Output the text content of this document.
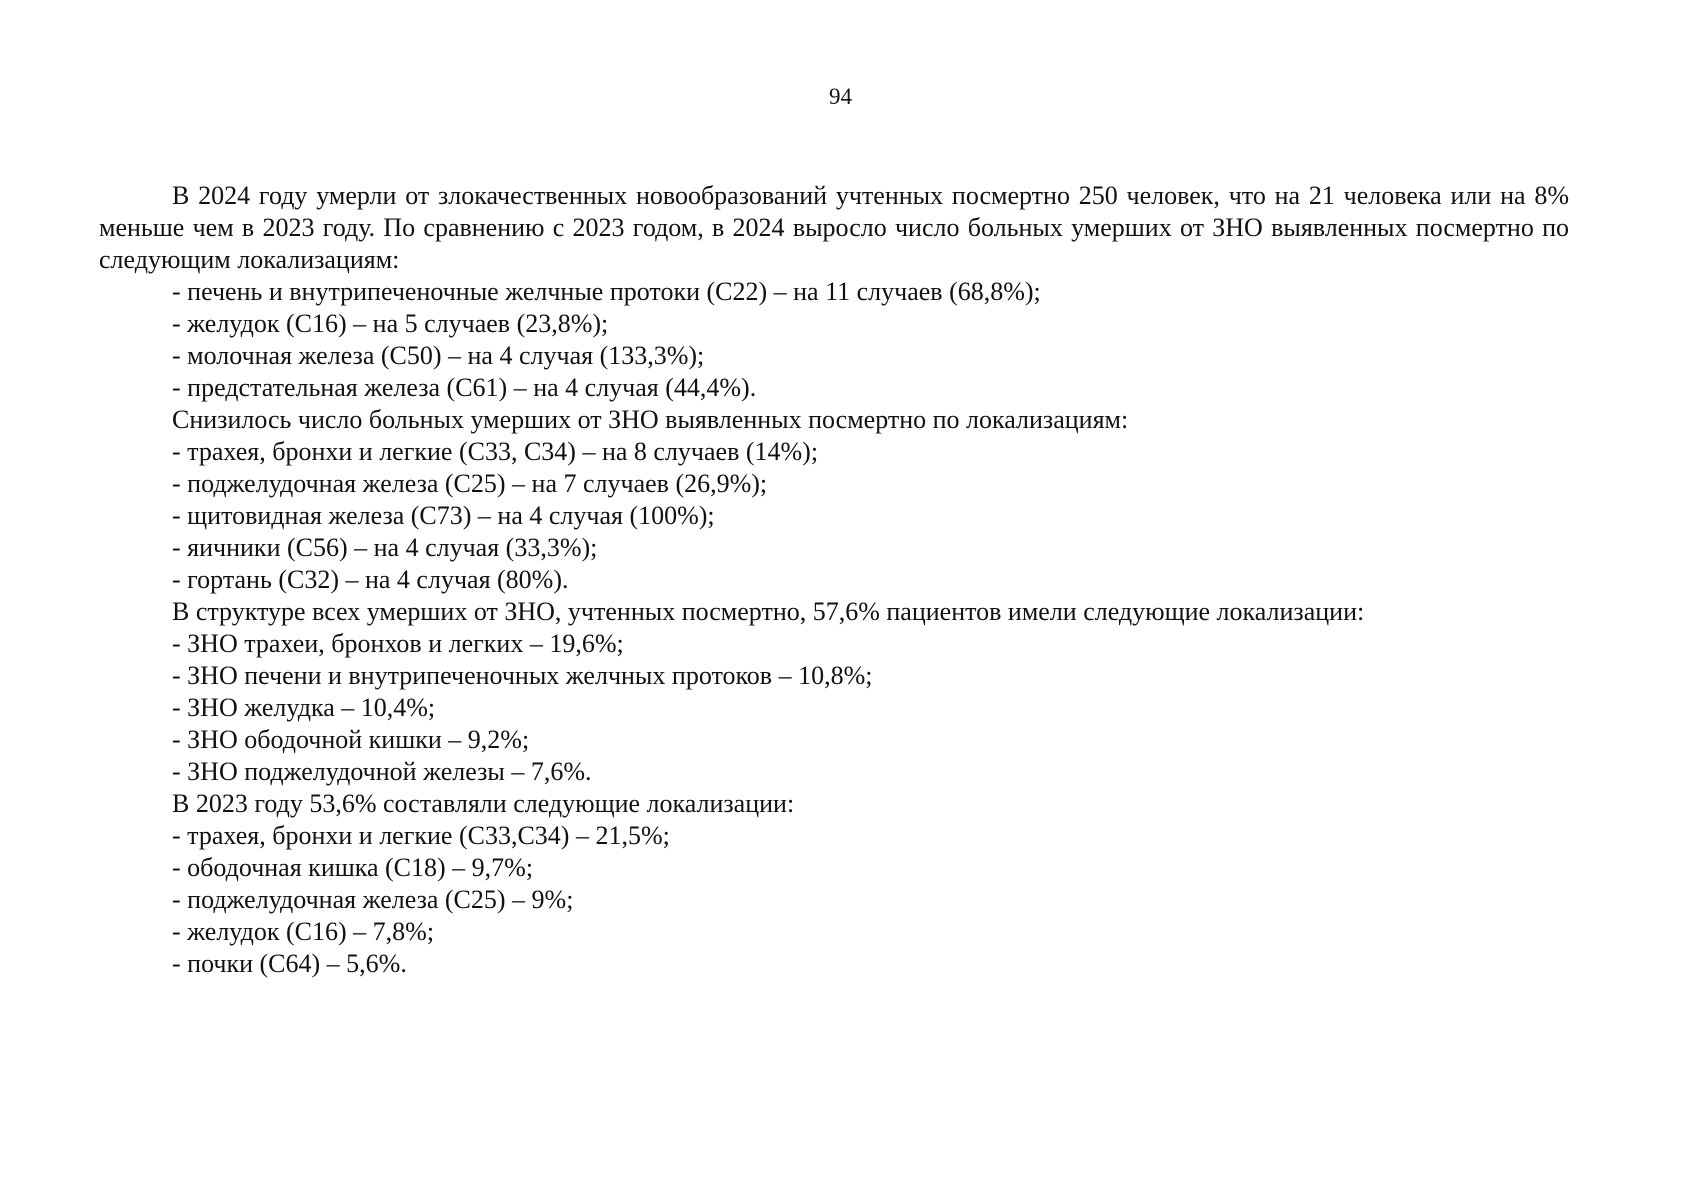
94

В 2024 году умерли от злокачественных новообразований учтенных посмертно 250 человек, что на 21 человека или на 8% меньше чем в 2023 году. По сравнению с 2023 годом, в 2024 выросло число больных умерших от ЗНО выявленных посмертно по следующим локализациям:

- печень и внутрипеченочные желчные протоки (С22) – на 11 случаев (68,8%);
- желудок (С16) – на 5 случаев (23,8%);
- молочная железа (С50) – на 4 случая (133,3%);
- предстательная железа (С61) – на 4 случая (44,4%).
Снизилось число больных умерших от ЗНО выявленных посмертно по локализациям:
- трахея, бронхи и легкие (С33, С34) – на 8 случаев (14%);
- поджелудочная железа (С25) – на 7 случаев (26,9%);
- щитовидная железа (С73) – на 4 случая (100%);
- яичники (С56) – на 4 случая (33,3%);
- гортань (С32) – на 4 случая (80%).
В структуре всех умерших от ЗНО, учтенных посмертно, 57,6% пациентов имели следующие локализации:
- ЗНО трахеи, бронхов и легких – 19,6%;
- ЗНО печени и внутрипеченочных желчных протоков – 10,8%;
- ЗНО желудка – 10,4%;
- ЗНО ободочной кишки – 9,2%;
- ЗНО поджелудочной железы – 7,6%.
В 2023 году 53,6% составляли следующие локализации:
- трахея, бронхи и легкие (С33,С34) – 21,5%;
- ободочная кишка (С18) – 9,7%;
- поджелудочная железа (С25) – 9%;
- желудок (С16) – 7,8%;
- почки (С64) – 5,6%.
